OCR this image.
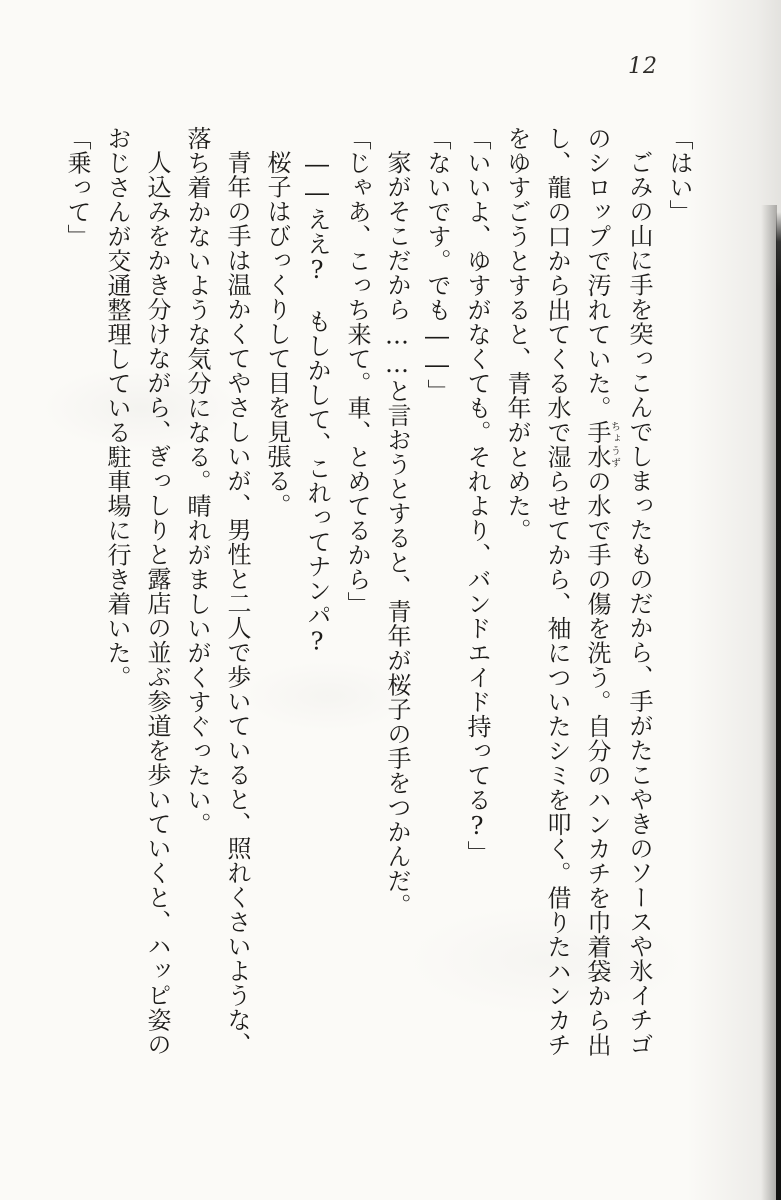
12

「はい」

ごみの山に手を突っこんでしまったものだから、手がたこやきのソースや氷イチゴ

のシロップで汚れていた。手水ちょうずの水で手の傷を洗う。自分のハンカチを巾着袋から出

し、龍の口から出てくる水で湿らせてから、袖についたシミを叩く。借りたハンカチ

をゆすごうとすると、青年がとめた。

「いいよ、ゆすがなくても。それより、バンドエイド持ってる?」

「ないです。でも――」

家がそこだから……と言おうとすると、青年が桜子の手をつかんだ。

「じゃあ、こっち来て。車、とめてるから」

――ええ?　もしかして、これってナンパ?

桜子はびっくりして目を見張る。

青年の手は温かくてやさしいが、男性と二人で歩いていると、照れくさいような、

落ち着かないような気分になる。晴れがましいがくすぐったい。

人込みをかき分けながら、ぎっしりと露店の並ぶ参道を歩いていくと、ハッピ姿の

おじさんが交通整理している駐車場に行き着いた。

「乗って」
